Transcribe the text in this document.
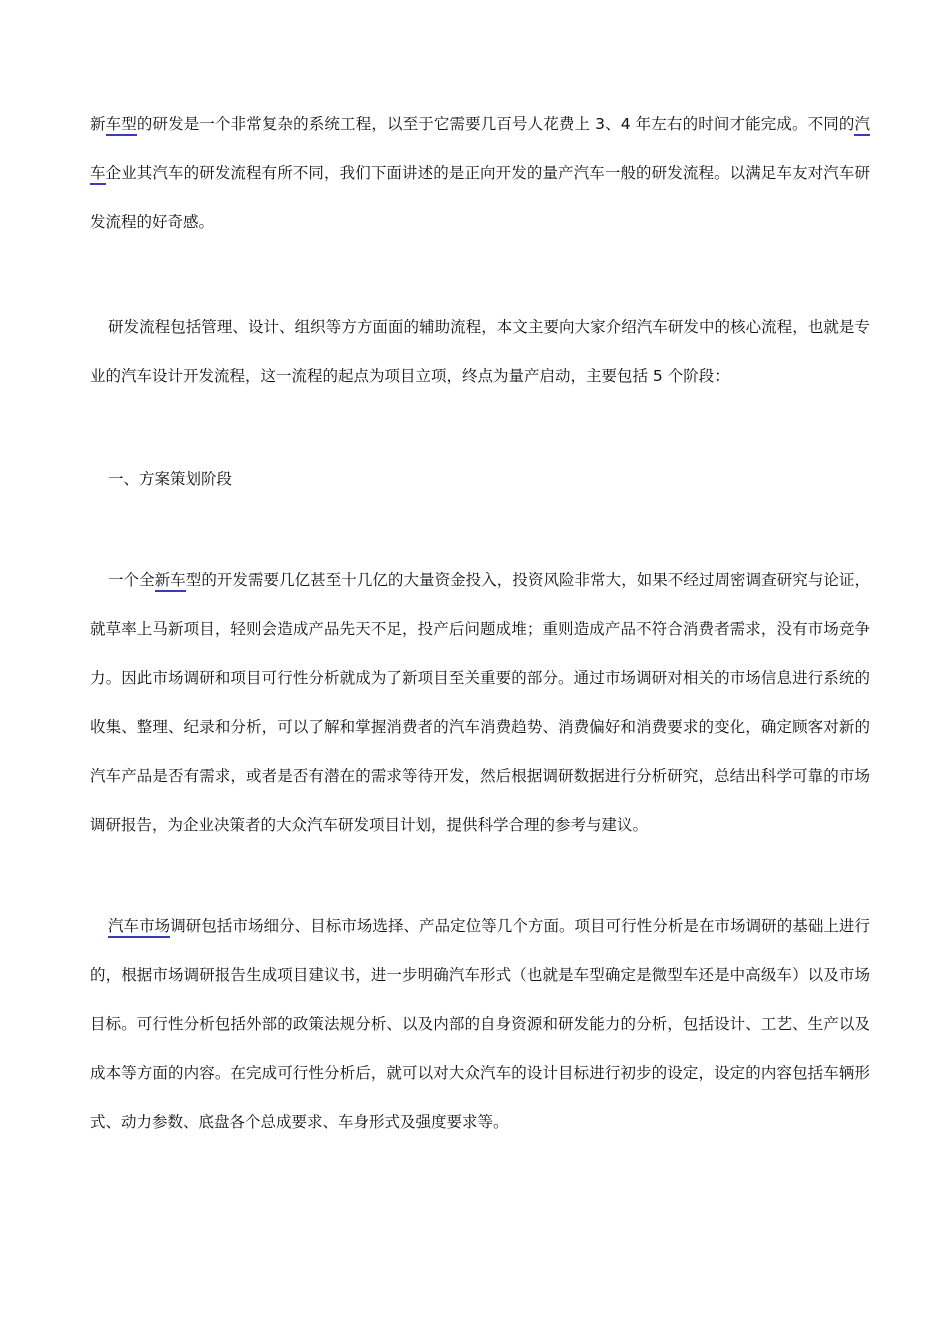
新车型的研发是一个非常复杂的系统工程，以至于它需要几百号人花费上 3、4 年左右的时间才能完成。不同的汽车企业其汽车的研发流程有所不同，我们下面讲述的是正向开发的量产汽车一般的研发流程。以满足车友对汽车研发流程的好奇感。

研发流程包括管理、设计、组织等方方面面的辅助流程，本文主要向大家介绍汽车研发中的核心流程，也就是专业的汽车设计开发流程，这一流程的起点为项目立项，终点为量产启动，主要包括 5 个阶段：

一、方案策划阶段

一个全新车型的开发需要几亿甚至十几亿的大量资金投入，投资风险非常大，如果不经过周密调查研究与论证，就草率上马新项目，轻则会造成产品先天不足，投产后问题成堆；重则造成产品不符合消费者需求，没有市场竞争力。因此市场调研和项目可行性分析就成为了新项目至关重要的部分。通过市场调研对相关的市场信息进行系统的收集、整理、纪录和分析，可以了解和掌握消费者的汽车消费趋势、消费偏好和消费要求的变化，确定顾客对新的汽车产品是否有需求，或者是否有潜在的需求等待开发，然后根据调研数据进行分析研究，总结出科学可靠的市场调研报告，为企业决策者的大众汽车研发项目计划，提供科学合理的参考与建议。

汽车市场调研包括市场细分、目标市场选择、产品定位等几个方面。项目可行性分析是在市场调研的基础上进行的，根据市场调研报告生成项目建议书，进一步明确汽车形式（也就是车型确定是微型车还是中高级车）以及市场目标。可行性分析包括外部的政策法规分析、以及内部的自身资源和研发能力的分析，包括设计、工艺、生产以及成本等方面的内容。在完成可行性分析后，就可以对大众汽车的设计目标进行初步的设定，设定的内容包括车辆形式、动力参数、底盘各个总成要求、车身形式及强度要求等。
